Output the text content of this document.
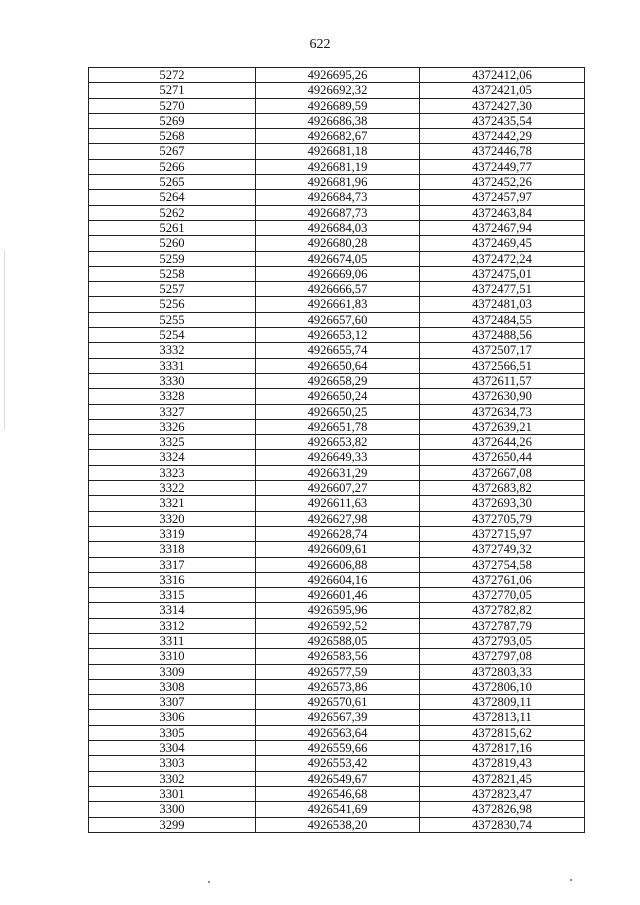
622
5272	4926695,26	4372412,06
5271	4926692,32	4372421,05
5270	4926689,59	4372427,30
5269	4926686,38	4372435,54
5268	4926682,67	4372442,29
5267	4926681,18	4372446,78
5266	4926681,19	4372449,77
5265	4926681,96	4372452,26
5264	4926684,73	4372457,97
5262	4926687,73	4372463,84
5261	4926684,03	4372467,94
5260	4926680,28	4372469,45
5259	4926674,05	4372472,24
5258	4926669,06	4372475,01
5257	4926666,57	4372477,51
5256	4926661,83	4372481,03
5255	4926657,60	4372484,55
5254	4926653,12	4372488,56
3332	4926655,74	4372507,17
3331	4926650,64	4372566,51
3330	4926658,29	4372611,57
3328	4926650,24	4372630,90
3327	4926650,25	4372634,73
3326	4926651,78	4372639,21
3325	4926653,82	4372644,26
3324	4926649,33	4372650,44
3323	4926631,29	4372667,08
3322	4926607,27	4372683,82
3321	4926611,63	4372693,30
3320	4926627,98	4372705,79
3319	4926628,74	4372715,97
3318	4926609,61	4372749,32
3317	4926606,88	4372754,58
3316	4926604,16	4372761,06
3315	4926601,46	4372770,05
3314	4926595,96	4372782,82
3312	4926592,52	4372787,79
3311	4926588,05	4372793,05
3310	4926583,56	4372797,08
3309	4926577,59	4372803,33
3308	4926573,86	4372806,10
3307	4926570,61	4372809,11
3306	4926567,39	4372813,11
3305	4926563,64	4372815,62
3304	4926559,66	4372817,16
3303	4926553,42	4372819,43
3302	4926549,67	4372821,45
3301	4926546,68	4372823,47
3300	4926541,69	4372826,98
3299	4926538,20	4372830,74
